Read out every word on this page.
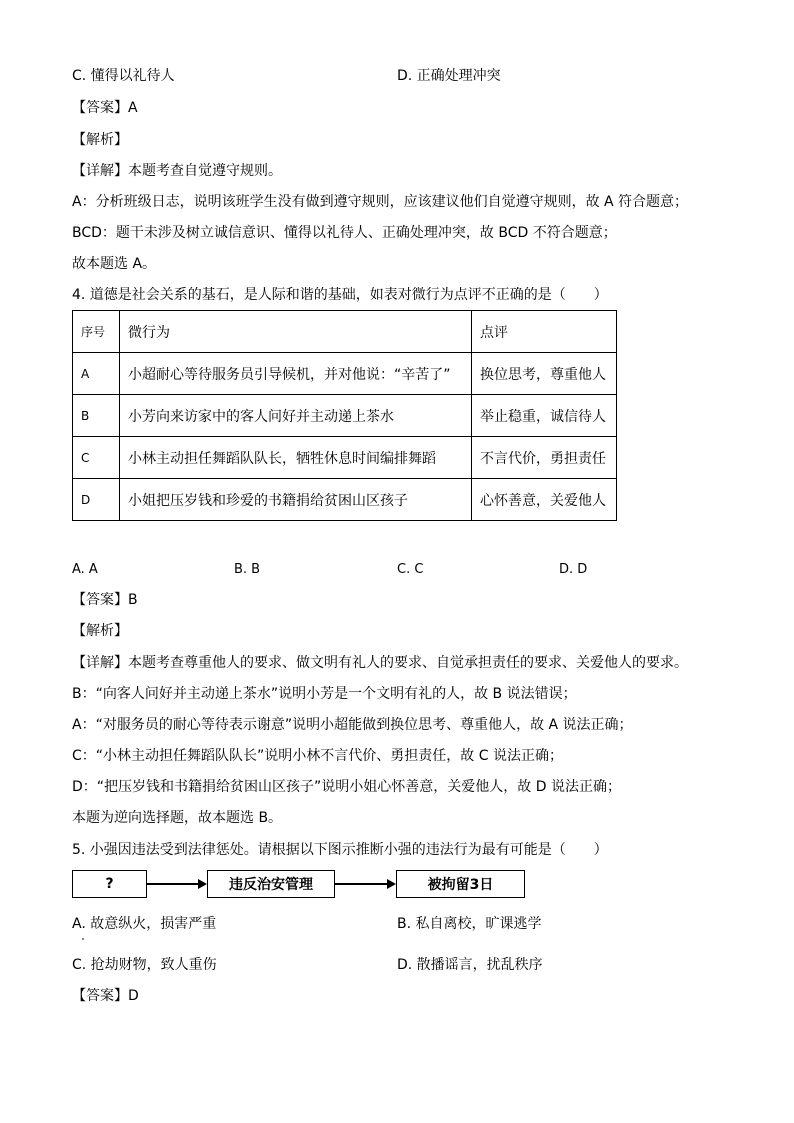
C. 懂得以礼待人	D. 正确处理冲突
【答案】A
【解析】
【详解】本题考查自觉遵守规则。
A：分析班级日志，说明该班学生没有做到遵守规则，应该建议他们自觉遵守规则，故 A 符合题意；
BCD：题干未涉及树立诚信意识、懂得以礼待人、正确处理冲突，故 BCD 不符合题意；
故本题选 A。
4. 道德是社会关系的基石，是人际和谐的基础，如表对微行为点评不正确的是（　　）
序号	微行为	点评
A	小超耐心等待服务员引导候机，并对他说：“辛苦了”	换位思考，尊重他人
B	小芳向来访家中的客人问好并主动递上茶水	举止稳重，诚信待人
C	小林主动担任舞蹈队队长，牺牲休息时间编排舞蹈	不言代价，勇担责任
D	小姐把压岁钱和珍爱的书籍捐给贫困山区孩子	心怀善意，关爱他人
A. A	B. B	C. C	D. D
【答案】B
【解析】
【详解】本题考查尊重他人的要求、做文明有礼人的要求、自觉承担责任的要求、关爱他人的要求。
B：“向客人问好并主动递上茶水”说明小芳是一个文明有礼的人，故 B 说法错误；
A：“对服务员的耐心等待表示谢意”说明小超能做到换位思考、尊重他人，故 A 说法正确；
C：“小林主动担任舞蹈队队长”说明小林不言代价、勇担责任，故 C 说法正确；
D：“把压岁钱和书籍捐给贫困山区孩子”说明小姐心怀善意，关爱他人，故 D 说法正确；
本题为逆向选择题，故本题选 B。
5. 小强因违法受到法律惩处。请根据以下图示推断小强的违法行为最有可能是（　　）
?	违反治安管理	被拘留3日
A. 故意纵火，损害严重	B. 私自离校，旷课逃学
C. 抢劫财物，致人重伤	D. 散播谣言，扰乱秩序
【答案】D
